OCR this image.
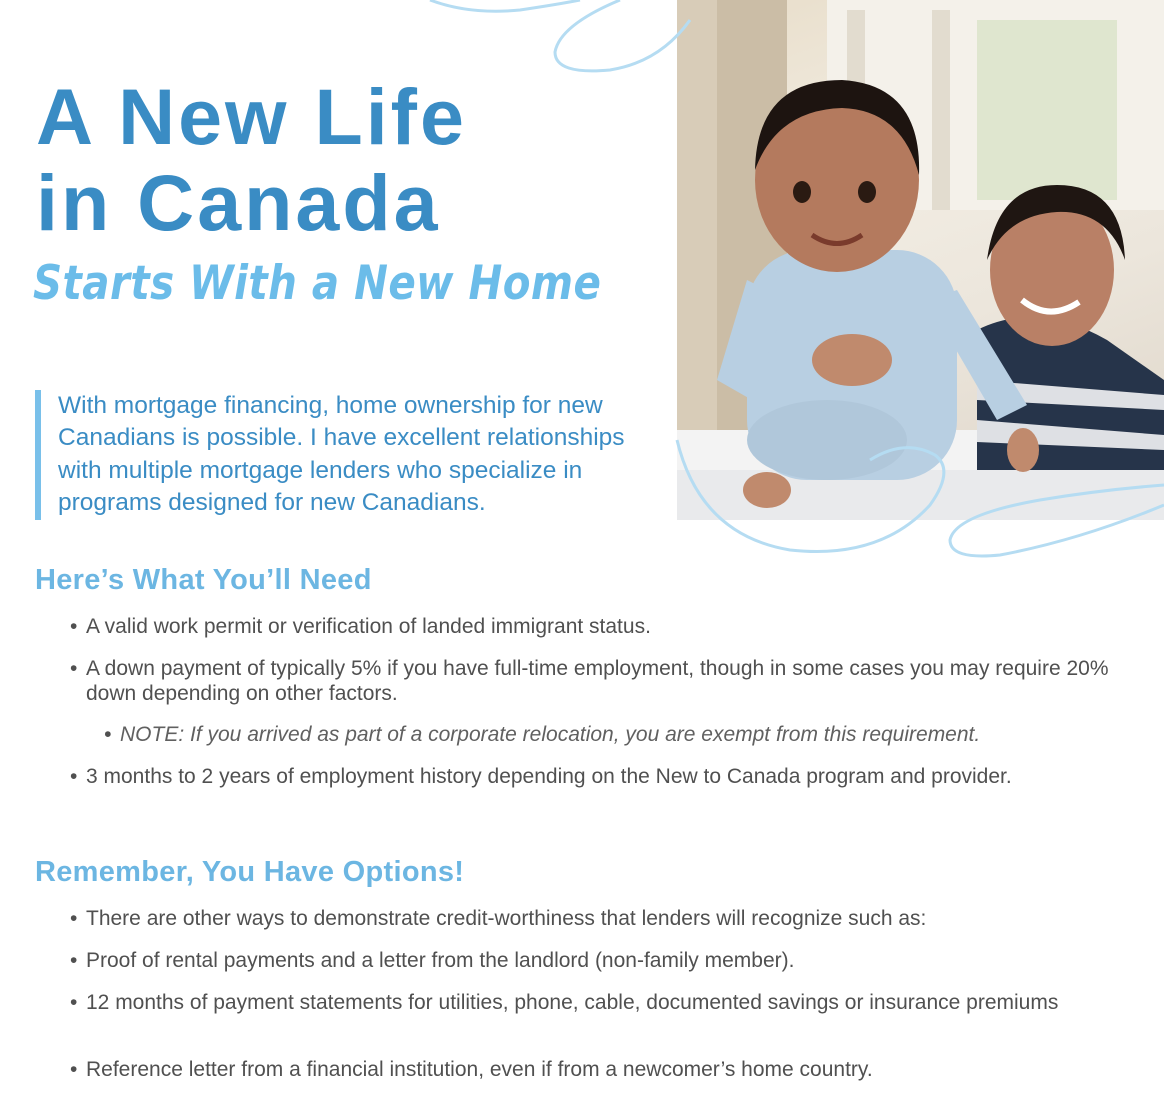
A New Life
in Canada
Starts With a New Home

With mortgage financing, home ownership for new Canadians is possible. I have excellent relationships with multiple mortgage lenders who specialize in programs designed for new Canadians.

Here’s What You’ll Need
• A valid work permit or verification of landed immigrant status.
• A down payment of typically 5% if you have full-time employment, though in some cases you may require 20% down depending on other factors.
• NOTE: If you arrived as part of a corporate relocation, you are exempt from this requirement.
• 3 months to 2 years of employment history depending on the New to Canada program and provider.
Remember, You Have Options!
• There are other ways to demonstrate credit-worthiness that lenders will recognize such as:
• Proof of rental payments and a letter from the landlord (non-family member).
• 12 months of payment statements for utilities, phone, cable, documented savings or insurance premiums
• Reference letter from a financial institution, even if from a newcomer’s home country.
